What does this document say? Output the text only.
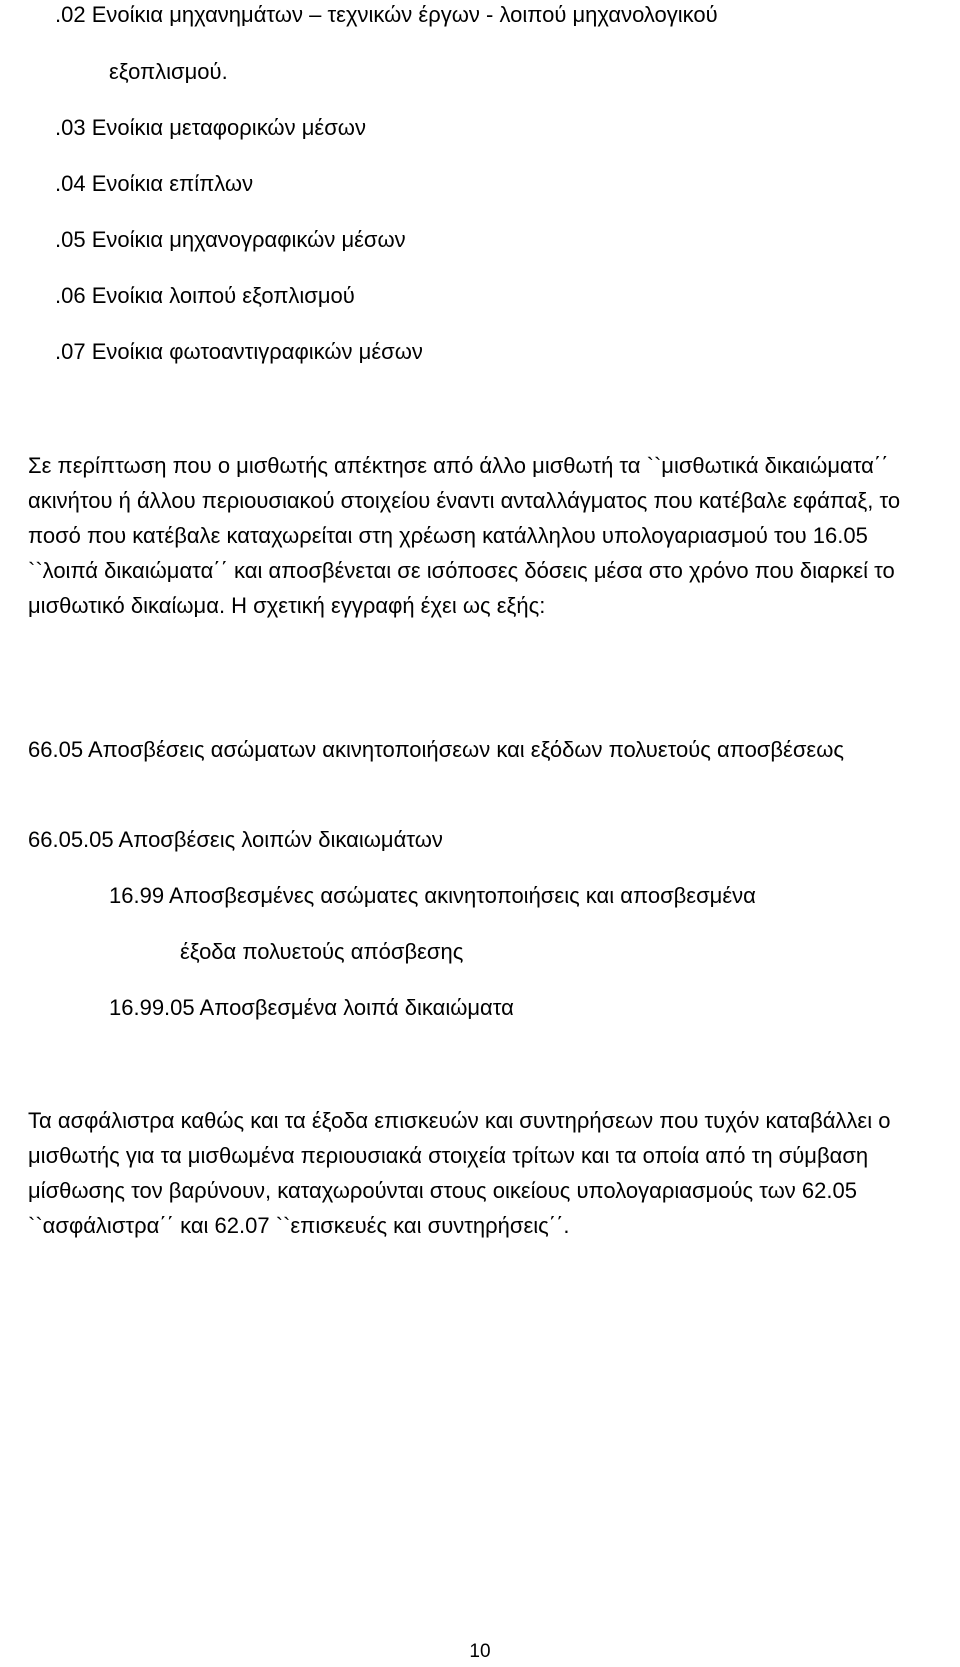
.02 Ενοίκια μηχανημάτων – τεχνικών έργων - λοιπού μηχανολογικού

εξοπλισμού.

.03 Ενοίκια μεταφορικών μέσων

.04 Ενοίκια επίπλων

.05 Ενοίκια μηχανογραφικών μέσων

.06 Ενοίκια λοιπού εξοπλισμού

.07 Ενοίκια φωτοαντιγραφικών μέσων

Σε περίπτωση που ο μισθωτής απέκτησε από άλλο μισθωτή τα ``μισθωτικά δικαιώματα΄΄ ακινήτου ή άλλου περιουσιακού στοιχείου έναντι ανταλλάγματος που κατέβαλε εφάπαξ, το ποσό που κατέβαλε καταχωρείται στη χρέωση κατάλληλου υπολογαριασμού του 16.05 ``λοιπά δικαιώματα΄΄ και αποσβένεται σε ισόποσες δόσεις μέσα στο χρόνο που διαρκεί το μισθωτικό δικαίωμα. Η σχετική εγγραφή έχει ως εξής:

66.05 Αποσβέσεις ασώματων ακινητοποιήσεων και εξόδων πολυετούς αποσβέσεως

66.05.05 Αποσβέσεις λοιπών δικαιωμάτων

16.99 Αποσβεσμένες ασώματες ακινητοποιήσεις και αποσβεσμένα

έξοδα πολυετούς απόσβεσης

16.99.05 Αποσβεσμένα λοιπά δικαιώματα

Τα ασφάλιστρα καθώς και τα έξοδα επισκευών και συντηρήσεων που τυχόν καταβάλλει ο μισθωτής για τα μισθωμένα περιουσιακά στοιχεία τρίτων και τα οποία από τη σύμβαση μίσθωσης τον βαρύνουν, καταχωρούνται στους οικείους υπολογαριασμούς των 62.05 ``ασφάλιστρα΄΄ και 62.07 ``επισκευές και συντηρήσεις΄΄.

10
